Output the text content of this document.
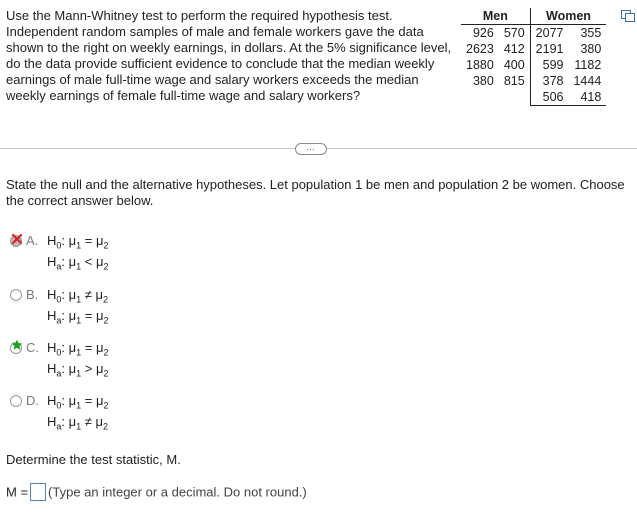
Use the Mann-Whitney test to perform the required hypothesis test.
Independent random samples of male and female workers gave the data
shown to the right on weekly earnings, in dollars. At the 5% significance level,
do the data provide sufficient evidence to conclude that the median weekly
earnings of male full-time wage and salary workers exceeds the median
weekly earnings of female full-time wage and salary workers?
Men		Women	
926	570	2077	355
2623	412	2191	380
1880	400	599	1182
380	815	378	1444
		506	418
…
State the null and the alternative hypotheses. Let population 1 be men and population 2 be women. Choose the correct answer below.
A. $H_0$: $\mu_1 = \mu_2$
$H_a$: $\mu_1 < \mu_2$
B. $H_0$: $\mu_1 \ne \mu_2$
$H_a$: $\mu_1 = \mu_2$
C. $H_0$: $\mu_1 = \mu_2$
$H_a$: $\mu_1 > \mu_2$
D. $H_0$: $\mu_1 = \mu_2$
$H_a$: $\mu_1 \ne \mu_2$
Determine the test statistic, M.
M = (Type an integer or a decimal. Do not round.)
